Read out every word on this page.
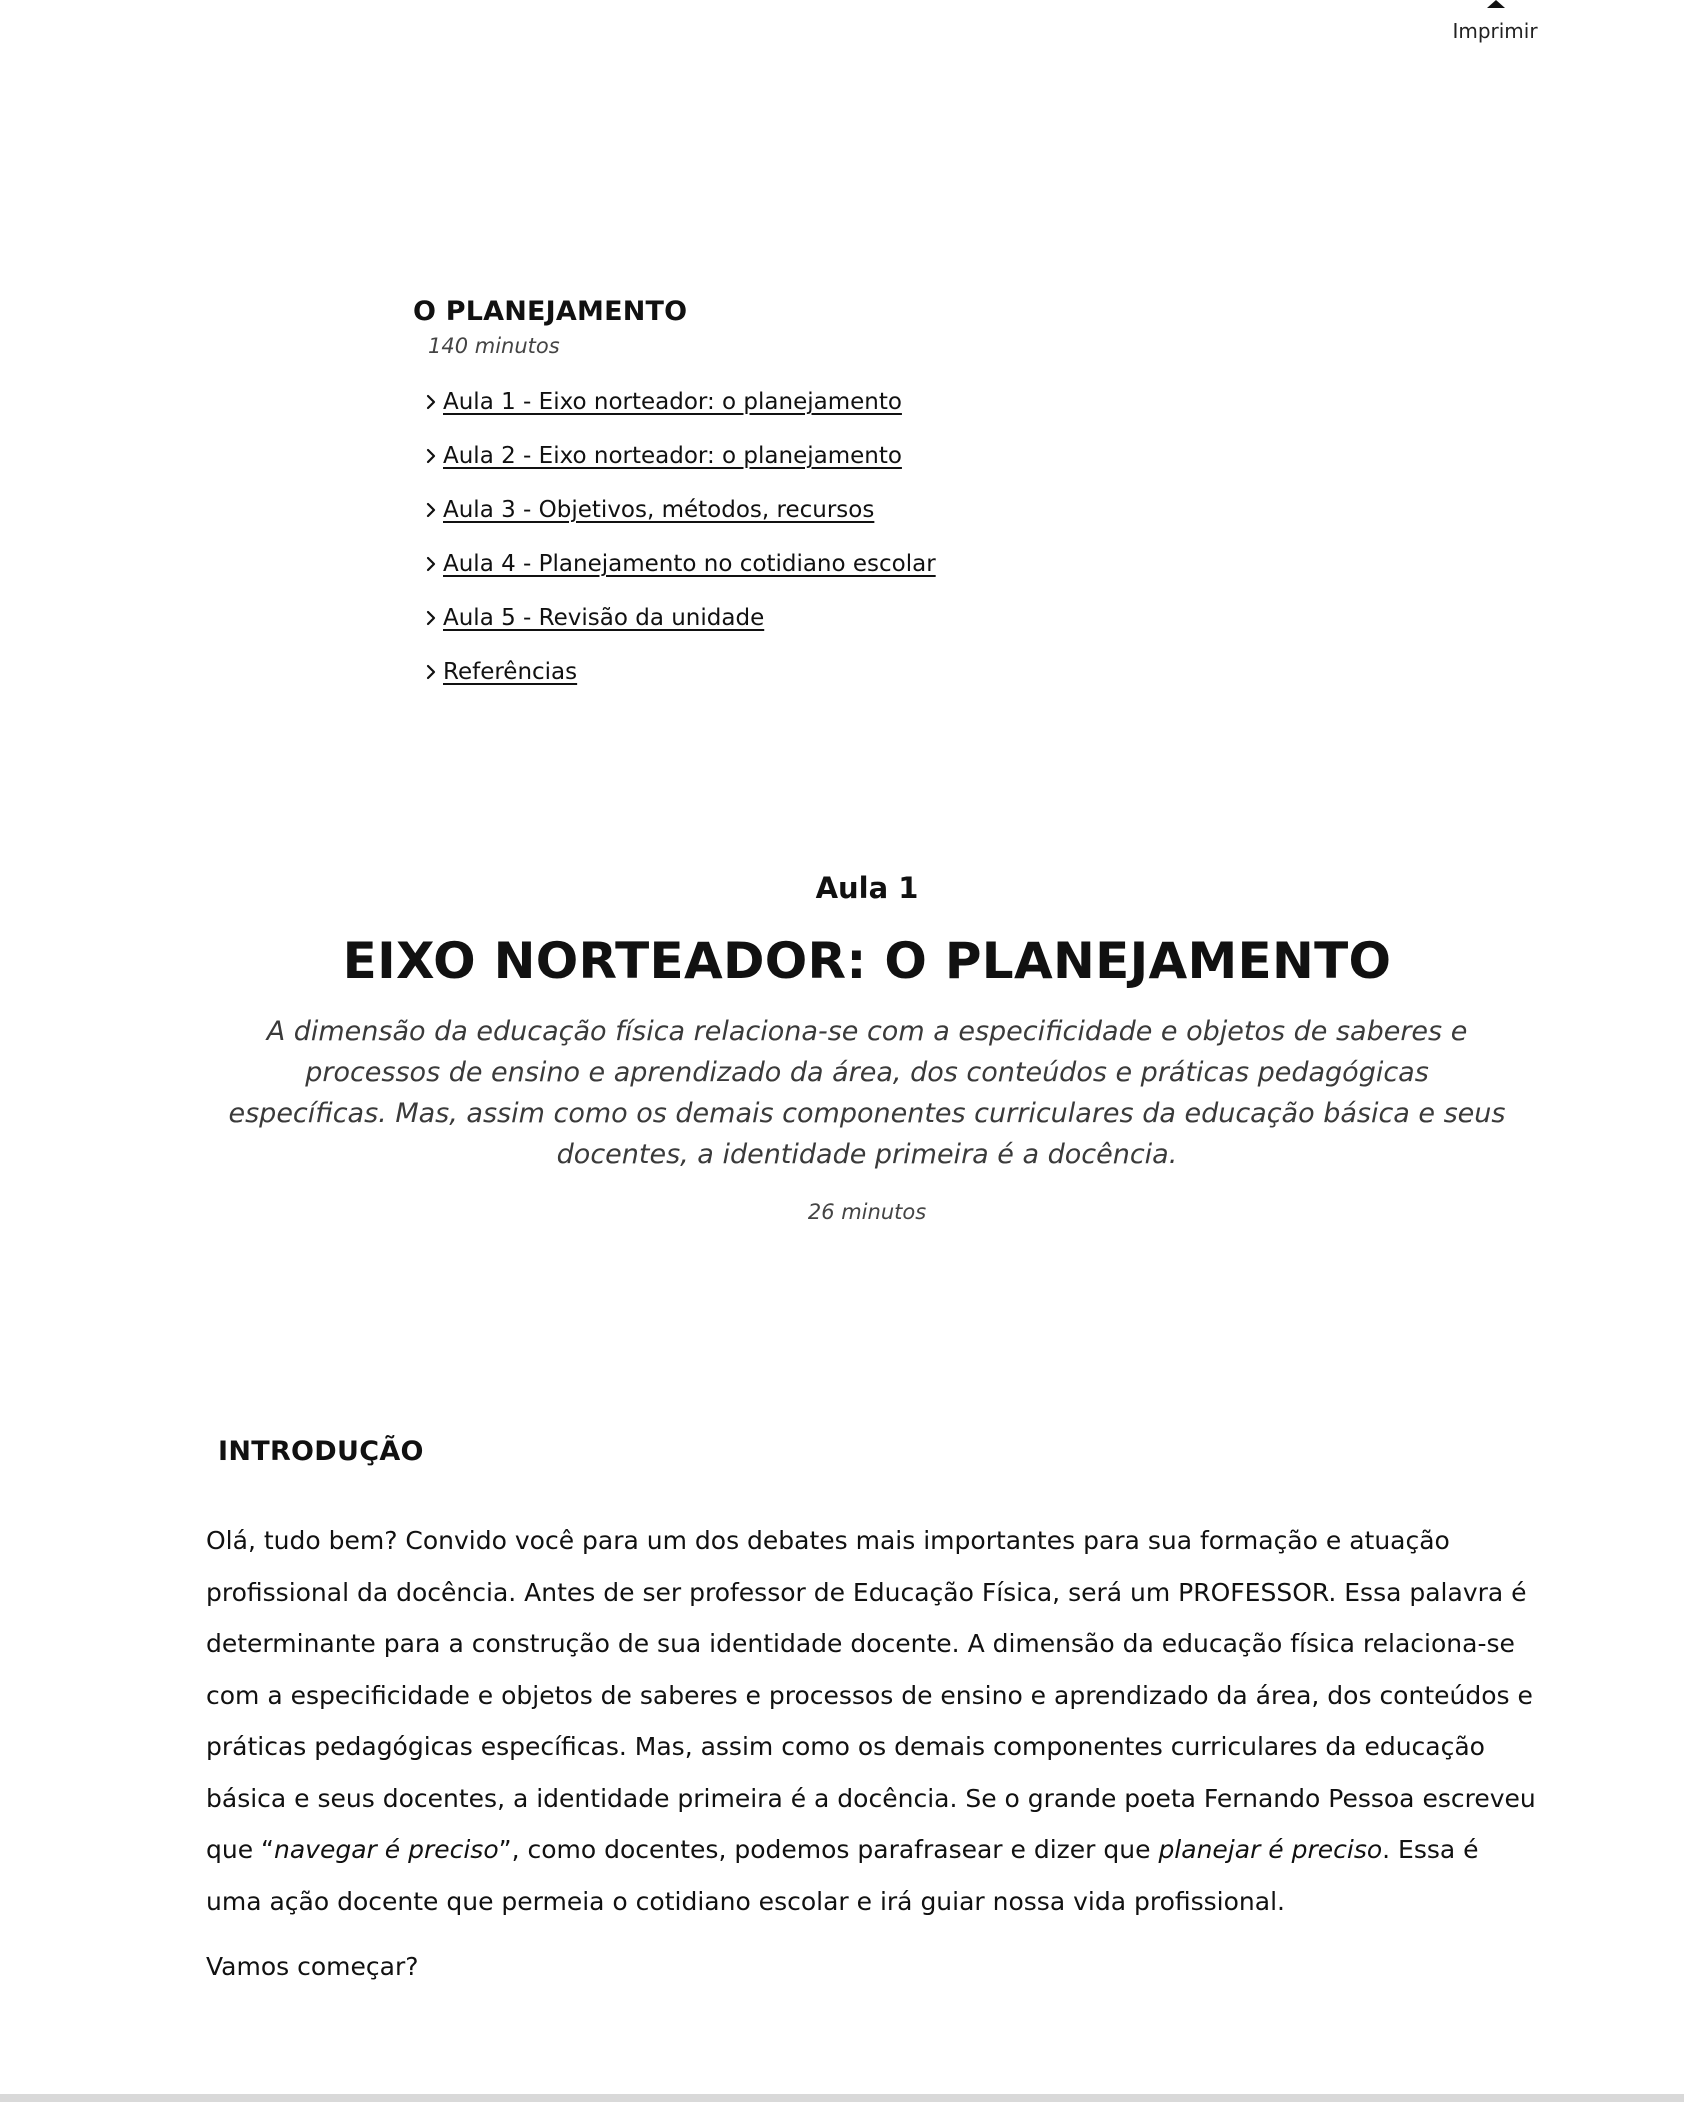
Imprimir
O PLANEJAMENTO

140 minutos

Aula 1 - Eixo norteador: o planejamento
Aula 2 - Eixo norteador: o planejamento
Aula 3 - Objetivos, métodos, recursos
Aula 4 - Planejamento no cotidiano escolar
Aula 5 - Revisão da unidade
Referências

Aula 1

EIXO NORTEADOR: O PLANEJAMENTO

A dimensão da educação física relaciona-se com a especificidade e objetos de saberes e processos de ensino e aprendizado da área, dos conteúdos e práticas pedagógicas específicas. Mas, assim como os demais componentes curriculares da educação básica e seus docentes, a identidade primeira é a docência.

26 minutos

INTRODUÇÃO

Olá, tudo bem? Convido você para um dos debates mais importantes para sua formação e atuação profissional da docência. Antes de ser professor de Educação Física, será um PROFESSOR. Essa palavra é determinante para a construção de sua identidade docente. A dimensão da educação física relaciona-se com a especificidade e objetos de saberes e processos de ensino e aprendizado da área, dos conteúdos e práticas pedagógicas específicas. Mas, assim como os demais componentes curriculares da educação básica e seus docentes, a identidade primeira é a docência. Se o grande poeta Fernando Pessoa escreveu que “navegar é preciso”, como docentes, podemos parafrasear e dizer que planejar é preciso. Essa é uma ação docente que permeia o cotidiano escolar e irá guiar nossa vida profissional.

Vamos começar?
